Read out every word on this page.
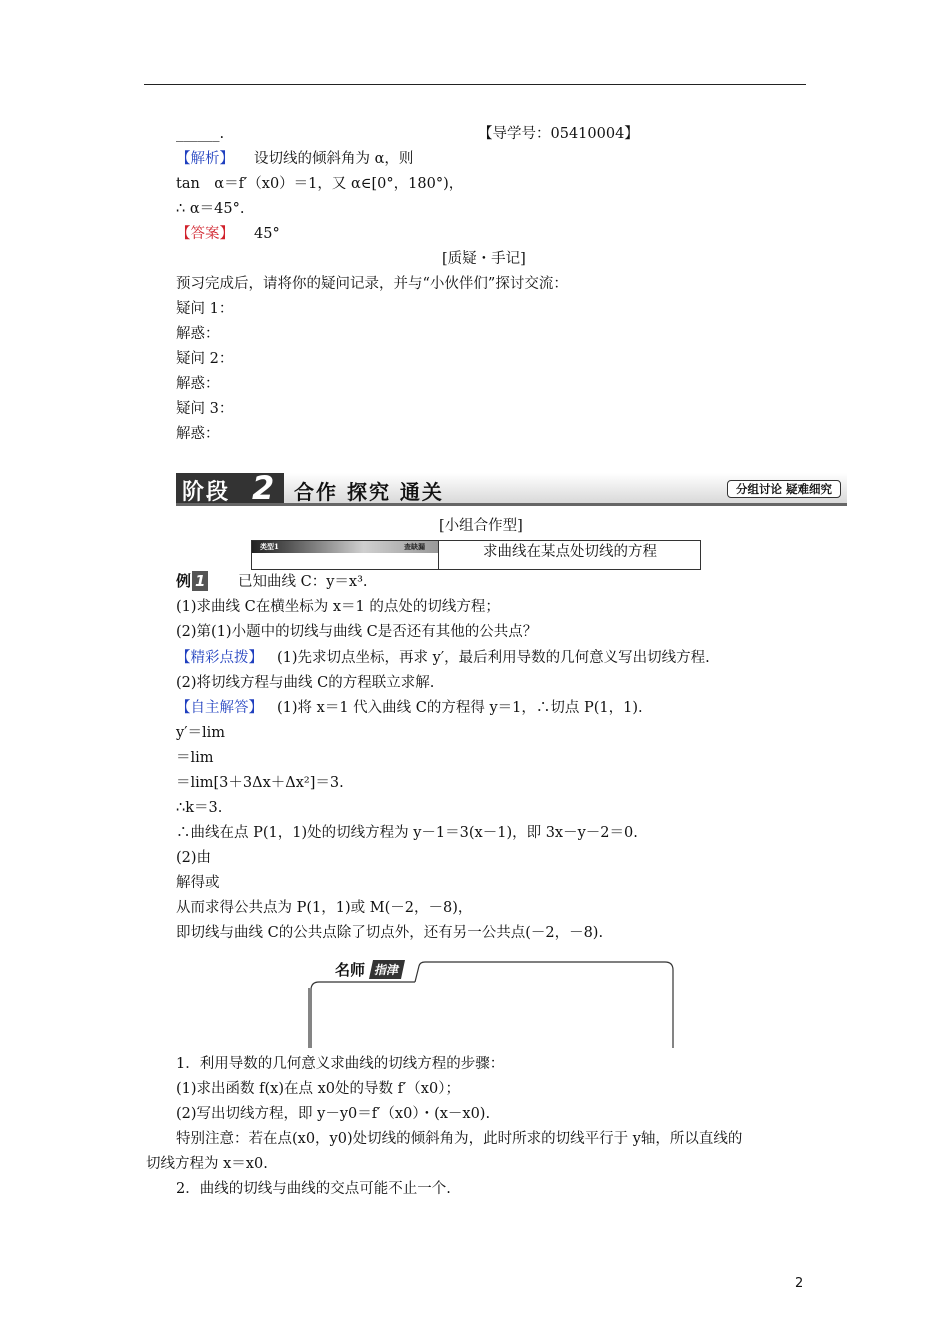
______.	【导学号：05410004】
【解析】 设切线的倾斜角为 α，则
tan　α＝f′（x0）＝1，又 α∈[0°，180°)，
∴ α＝45°.
【答案】 45°
[质疑・手记]
预习完成后，请将你的疑问记录，并与“小伙伴们”探讨交流：
疑问 1：
解惑：
疑问 2：
解惑：
疑问 3：
解惑：
阶段 2 合作 探究 通关	分组讨论 疑难细究
[小组合作型]
类型1	查缺漏	求曲线在某点处切线的方程
例 1 已知曲线 C：y＝x³.
(1)求曲线 C在横坐标为 x＝1 的点处的切线方程；
(2)第(1)小题中的切线与曲线 C是否还有其他的公共点？
【精彩点拨】 (1)先求切点坐标，再求 y′，最后利用导数的几何意义写出切线方程.
(2)将切线方程与曲线 C的方程联立求解.
【自主解答】 (1)将 x＝1 代入曲线 C的方程得 y＝1，∴切点 P(1，1).
y′＝lim
＝lim
＝lim[3＋3Δx＋Δx²]＝3.
∴k＝3.
∴曲线在点 P(1，1)处的切线方程为 y－1＝3(x－1)，即 3x－y－2＝0.
(2)由
解得或
从而求得公共点为 P(1，1)或 M(－2，－8)，
即切线与曲线 C的公共点除了切点外，还有另一公共点(－2，－8).
名师 指津
1．利用导数的几何意义求曲线的切线方程的步骤：
(1)求出函数 f(x)在点 x0处的导数 f′（x0）；
(2)写出切线方程，即 y－y0＝f′（x0）・(x－x0).
特别注意：若在点(x0，y0)处切线的倾斜角为，此时所求的切线平行于 y轴，所以直线的
切线方程为 x＝x0.
2．曲线的切线与曲线的交点可能不止一个.
2
